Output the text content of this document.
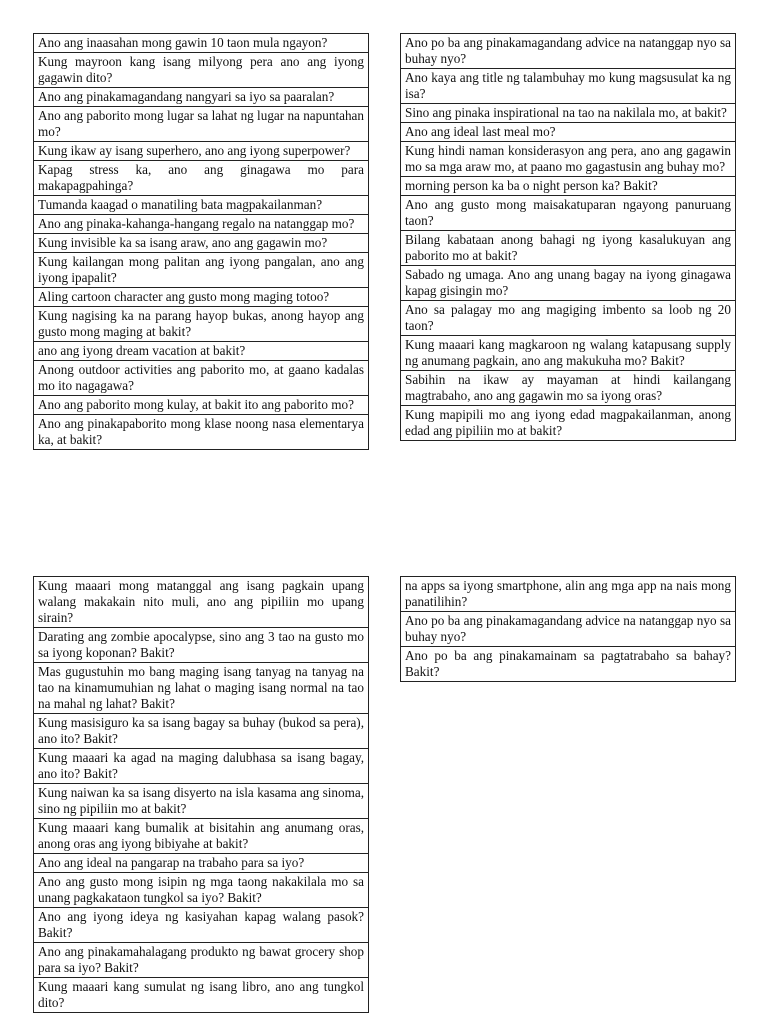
Ano ang inaasahan mong gawin 10 taon mula ngayon?
Kung mayroon kang isang milyong pera ano ang iyong gagawin dito?
Ano ang pinakamagandang nangyari sa iyo sa paaralan?
Ano ang paborito mong lugar sa lahat ng lugar na napuntahan mo?
Kung ikaw ay isang superhero, ano ang iyong superpower?
Kapag stress ka, ano ang ginagawa mo para makapagpahinga?
Tumanda kaagad o manatiling bata magpakailanman?
Ano ang pinaka-kahanga-hangang regalo na natanggap mo?
Kung invisible ka sa isang araw, ano ang gagawin mo?
Kung kailangan mong palitan ang iyong pangalan, ano ang iyong ipapalit?
Aling cartoon character ang gusto mong maging totoo?
Kung nagising ka na parang hayop bukas, anong hayop ang gusto mong maging at bakit?
ano ang iyong dream vacation at bakit?
Anong outdoor activities ang paborito mo, at gaano kadalas mo ito nagagawa?
Ano ang paborito mong kulay, at bakit ito ang paborito mo?
Ano ang pinakapaborito mong klase noong nasa elementarya ka, at bakit?
Ano po ba ang pinakamagandang advice na natanggap nyo sa buhay nyo?
Ano kaya ang title ng talambuhay mo kung magsusulat ka ng isa?
Sino ang pinaka inspirational na tao na nakilala mo, at bakit?
Ano ang ideal last meal mo?
Kung hindi naman konsiderasyon ang pera, ano ang gagawin mo sa mga araw mo, at paano mo gagastusin ang buhay mo?
morning person ka ba o night person ka? Bakit?
Ano ang gusto mong maisakatuparan ngayong panuruang taon?
Bilang kabataan anong bahagi ng iyong kasalukuyan ang paborito mo at bakit?
Sabado ng umaga. Ano ang unang bagay na iyong ginagawa kapag gisingin mo?
Ano sa palagay mo ang magiging imbento sa loob ng 20 taon?
Kung maaari kang magkaroon ng walang katapusang supply ng anumang pagkain, ano ang makukuha mo? Bakit?
Sabihin na ikaw ay mayaman at hindi kailangang magtrabaho, ano ang gagawin mo sa iyong oras?
Kung mapipili mo ang iyong edad magpakailanman, anong edad ang pipiliin mo at bakit?
Kung maaari mong matanggal ang isang pagkain upang walang makakain nito muli, ano ang pipiliin mo upang sirain?
Darating ang zombie apocalypse, sino ang 3 tao na gusto mo sa iyong koponan? Bakit?
Mas gugustuhin mo bang maging isang tanyag na tanyag na tao na kinamumuhian ng lahat o maging isang normal na tao na mahal ng lahat? Bakit?
Kung masisiguro ka sa isang bagay sa buhay (bukod sa pera), ano ito? Bakit?
Kung maaari ka agad na maging dalubhasa sa isang bagay, ano ito? Bakit?
Kung naiwan ka sa isang disyerto na isla kasama ang sinoma, sino ng pipiliin mo at bakit?
Kung maaari kang bumalik at bisitahin ang anumang oras, anong oras ang iyong bibiyahe at bakit?
Ano ang ideal na pangarap na trabaho para sa iyo?
Ano ang gusto mong isipin ng mga taong nakakilala mo sa unang pagkakataon tungkol sa iyo? Bakit?
Ano ang iyong ideya ng kasiyahan kapag walang pasok? Bakit?
Ano ang pinakamahalagang produkto ng bawat grocery shop para sa iyo? Bakit?
Kung maaari kang sumulat ng isang libro, ano ang tungkol dito?
na apps sa iyong smartphone, alin ang mga app na nais mong panatilihin?
Ano po ba ang pinakamagandang advice na natanggap nyo sa buhay nyo?
Ano po ba ang pinakamainam sa pagtatrabaho sa bahay? Bakit?
